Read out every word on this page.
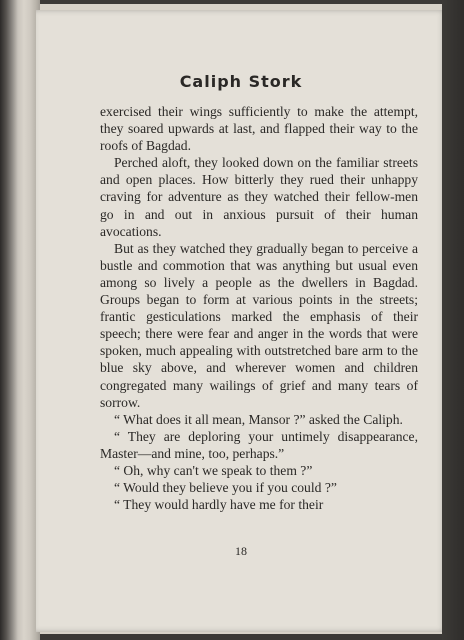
Caliph Stork

exercised their wings sufficiently to make the attempt, they soared upwards at last, and flapped their way to the roofs of Bagdad.

Perched aloft, they looked down on the familiar streets and open places. How bitterly they rued their unhappy craving for adventure as they watched their fellow-men go in and out in anxious pursuit of their human avocations.

But as they watched they gradually began to perceive a bustle and commotion that was anything but usual even among so lively a people as the dwellers in Bagdad. Groups began to form at various points in the streets; frantic gesticulations marked the emphasis of their speech; there were fear and anger in the words that were spoken, much appealing with outstretched bare arm to the blue sky above, and wherever women and children congregated many wailings of grief and many tears of sorrow.

“ What does it all mean, Mansor ?” asked the Caliph.

“ They are deploring your untimely disappearance, Master—and mine, too, perhaps.”

“ Oh, why can't we speak to them ?”

“ Would they believe you if you could ?”

“ They would hardly have me for their

18
